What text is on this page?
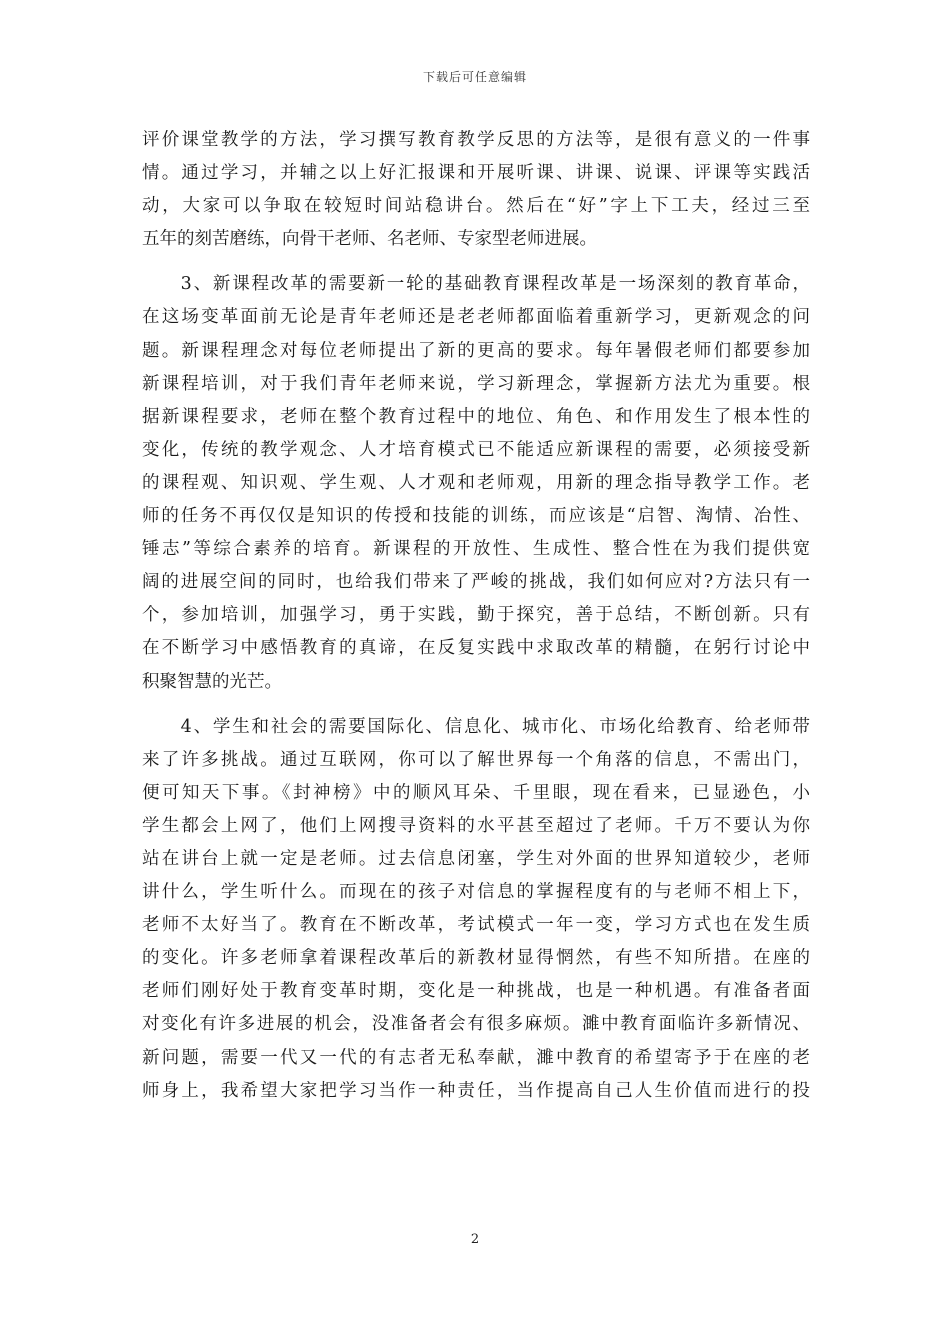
下载后可任意编辑
评价课堂教学的方法，学习撰写教育教学反思的方法等，是很有意义的一件事
情。通过学习，并辅之以上好汇报课和开展听课、讲课、说课、评课等实践活
动，大家可以争取在较短时间站稳讲台。然后在“好”字上下工夫，经过三至
五年的刻苦磨练，向骨干老师、名老师、专家型老师进展。
　　3、新课程改革的需要新一轮的基础教育课程改革是一场深刻的教育革命，
在这场变革面前无论是青年老师还是老老师都面临着重新学习，更新观念的问
题。新课程理念对每位老师提出了新的更高的要求。每年暑假老师们都要参加
新课程培训，对于我们青年老师来说，学习新理念，掌握新方法尤为重要。根
据新课程要求，老师在整个教育过程中的地位、角色、和作用发生了根本性的
变化，传统的教学观念、人才培育模式已不能适应新课程的需要，必须接受新
的课程观、知识观、学生观、人才观和老师观，用新的理念指导教学工作。老
师的任务不再仅仅是知识的传授和技能的训练，而应该是“启智、淘情、冶性、
锤志”等综合素养的培育。新课程的开放性、生成性、整合性在为我们提供宽
阔的进展空间的同时，也给我们带来了严峻的挑战，我们如何应对?方法只有一
个，参加培训，加强学习，勇于实践，勤于探究，善于总结，不断创新。只有
在不断学习中感悟教育的真谛，在反复实践中求取改革的精髓，在躬行讨论中
积聚智慧的光芒。
　　4、学生和社会的需要国际化、信息化、城市化、市场化给教育、给老师带
来了许多挑战。通过互联网，你可以了解世界每一个角落的信息，不需出门，
便可知天下事。《封神榜》中的顺风耳朵、千里眼，现在看来，已显逊色，小
学生都会上网了，他们上网搜寻资料的水平甚至超过了老师。千万不要认为你
站在讲台上就一定是老师。过去信息闭塞，学生对外面的世界知道较少，老师
讲什么，学生听什么。而现在的孩子对信息的掌握程度有的与老师不相上下，
老师不太好当了。教育在不断改革，考试模式一年一变，学习方式也在发生质
的变化。许多老师拿着课程改革后的新教材显得惘然，有些不知所措。在座的
老师们刚好处于教育变革时期，变化是一种挑战，也是一种机遇。有准备者面
对变化有许多进展的机会，没准备者会有很多麻烦。濉中教育面临许多新情况、
新问题，需要一代又一代的有志者无私奉献，濉中教育的希望寄予于在座的老
师身上，我希望大家把学习当作一种责任，当作提高自己人生价值而进行的投
2
